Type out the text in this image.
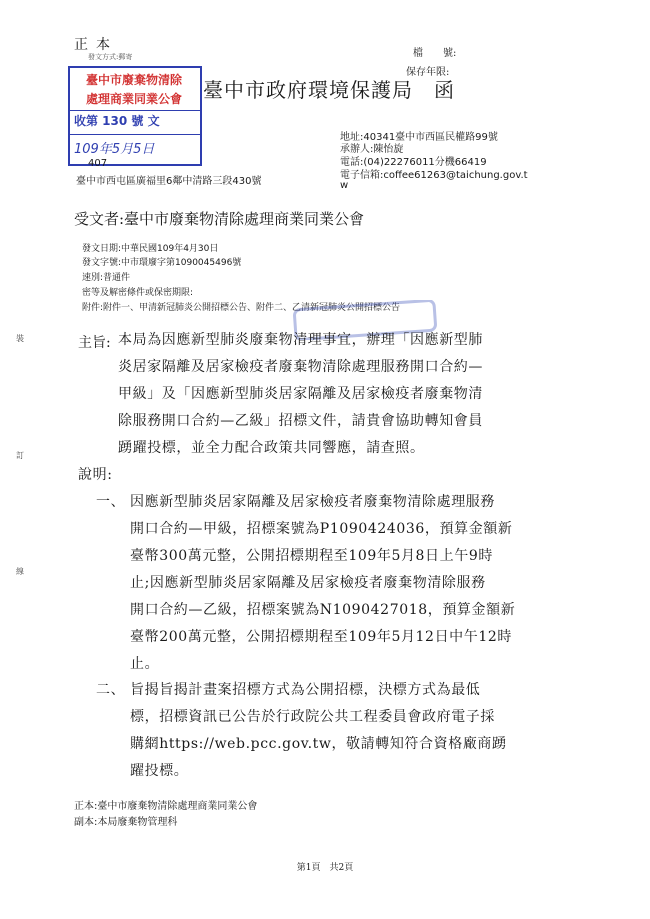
正本
發文方式:郵寄	檔　　號:
保存年限:
臺中市政府環境保護局　函
臺中市廢棄物清除
處理商業同業公會
收第 130 號 文
109年5月5日
407
臺中市西屯區廣福里6鄰中清路三段430號
地址:40341臺中市西區民權路99號
承辦人:陳怡旋
電話:(04)22276011分機66419
電子信箱:coffee61263@taichung.gov.t
w
受文者:臺中市廢棄物清除處理商業同業公會
發文日期:中華民國109年4月30日
發文字號:中市環廢字第1090045496號
速別:普通件
密等及解密條件或保密期限:
附件:附件一、甲清新冠肺炎公開招標公告、附件二、乙清新冠肺炎公開招標公告
裝
訂
線
主旨: 本局為因應新型肺炎廢棄物清理事宜，辦理「因應新型肺
炎居家隔離及居家檢疫者廢棄物清除處理服務開口合約—
甲級」及「因應新型肺炎居家隔離及居家檢疫者廢棄物清
除服務開口合約—乙級」招標文件，請貴會協助轉知會員
踴躍投標，並全力配合政策共同響應，請查照。
說明:
一、 因應新型肺炎居家隔離及居家檢疫者廢棄物清除處理服務
開口合約—甲級，招標案號為P1090424036，預算金額新
臺幣300萬元整，公開招標期程至109年5月8日上午9時
止;因應新型肺炎居家隔離及居家檢疫者廢棄物清除服務
開口合約—乙級，招標案號為N1090427018，預算金額新
臺幣200萬元整，公開招標期程至109年5月12日中午12時
止。
二、 旨揭旨揭計畫案招標方式為公開招標，決標方式為最低
標，招標資訊已公告於行政院公共工程委員會政府電子採
購網https://web.pcc.gov.tw，敬請轉知符合資格廠商踴
躍投標。
正本:臺中市廢棄物清除處理商業同業公會
副本:本局廢棄物管理科
第1頁　共2頁
